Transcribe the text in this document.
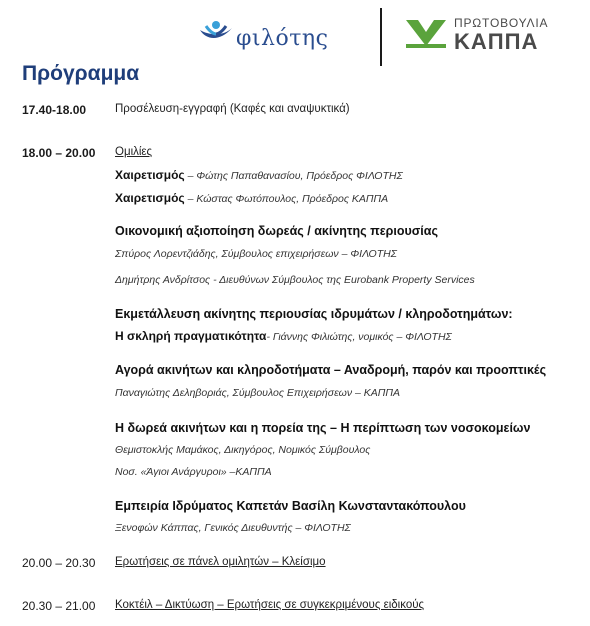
φιλότης
ΠΡΩΤΟΒΟΥΛΙΑ
ΚΑΠΠΑ
Πρόγραμμα
17.40-18.00	Προσέλευση-εγγραφή (Καφές και αναψυκτικά)
18.00 – 20.00 Ομιλίες
Χαιρετισμός – Φώτης Παπαθανασίου, Πρόεδρος ΦΙΛΟΤΗΣ
Χαιρετισμός – Κώστας Φωτόπουλος, Πρόεδρος ΚΑΠΠΑ
Οικονομική αξιοποίηση δωρεάς / ακίνητης περιουσίας
Σπύρος Λορεντζιάδης, Σύμβουλος επιχειρήσεων – ΦΙΛΟΤΗΣ
Δημήτρης Ανδρίτσος - Διευθύνων Σύμβουλος της Eurobank Property Services
Εκμετάλλευση ακίνητης περιουσίας ιδρυμάτων / κληροδοτημάτων:
Η σκληρή πραγματικότητα- Γιάννης Φιλιώτης, νομικός – ΦΙΛΟΤΗΣ
Αγορά ακινήτων και κληροδοτήματα – Αναδρομή, παρόν και προοπτικές
Παναγιώτης Δεληβοριάς, Σύμβουλος Επιχειρήσεων – ΚΑΠΠΑ
Η δωρεά ακινήτων και η πορεία της – Η περίπτωση των νοσοκομείων
Θεμιστοκλής Μαμάκος, Δικηγόρος, Νομικός Σύμβουλος
Νοσ. «Άγιοι Ανάργυροι» –ΚΑΠΠΑ
Εμπειρία Ιδρύματος Καπετάν Βασίλη Κωνσταντακόπουλου
Ξενοφών Κάππας, Γενικός Διευθυντής – ΦΙΛΟΤΗΣ
20.00 – 20.30 Ερωτήσεις σε πάνελ ομιλητών – Κλείσιμο
20.30 – 21.00 Κοκτέιλ – Δικτύωση – Ερωτήσεις σε συγκεκριμένους ειδικούς
